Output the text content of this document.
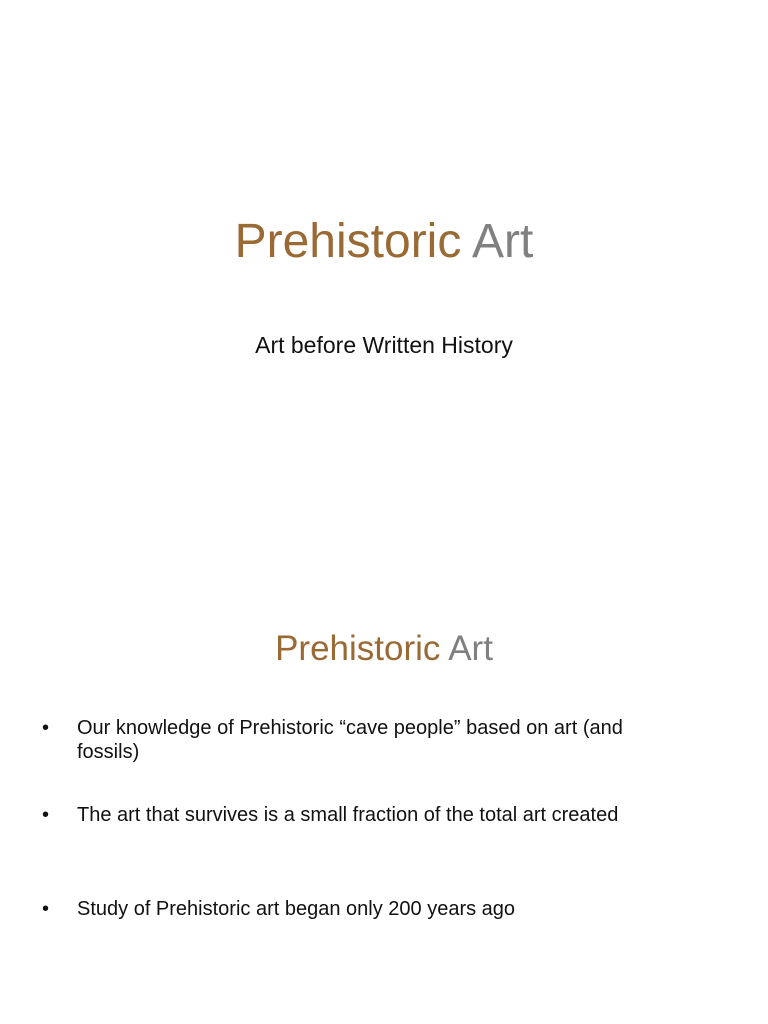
Prehistoric Art
Art before Written History
Prehistoric Art
•	Our knowledge of Prehistoric “cave people” based on art (and fossils)
•	The art that survives is a small fraction of the total art created
•	Study of Prehistoric art began only 200 years ago
